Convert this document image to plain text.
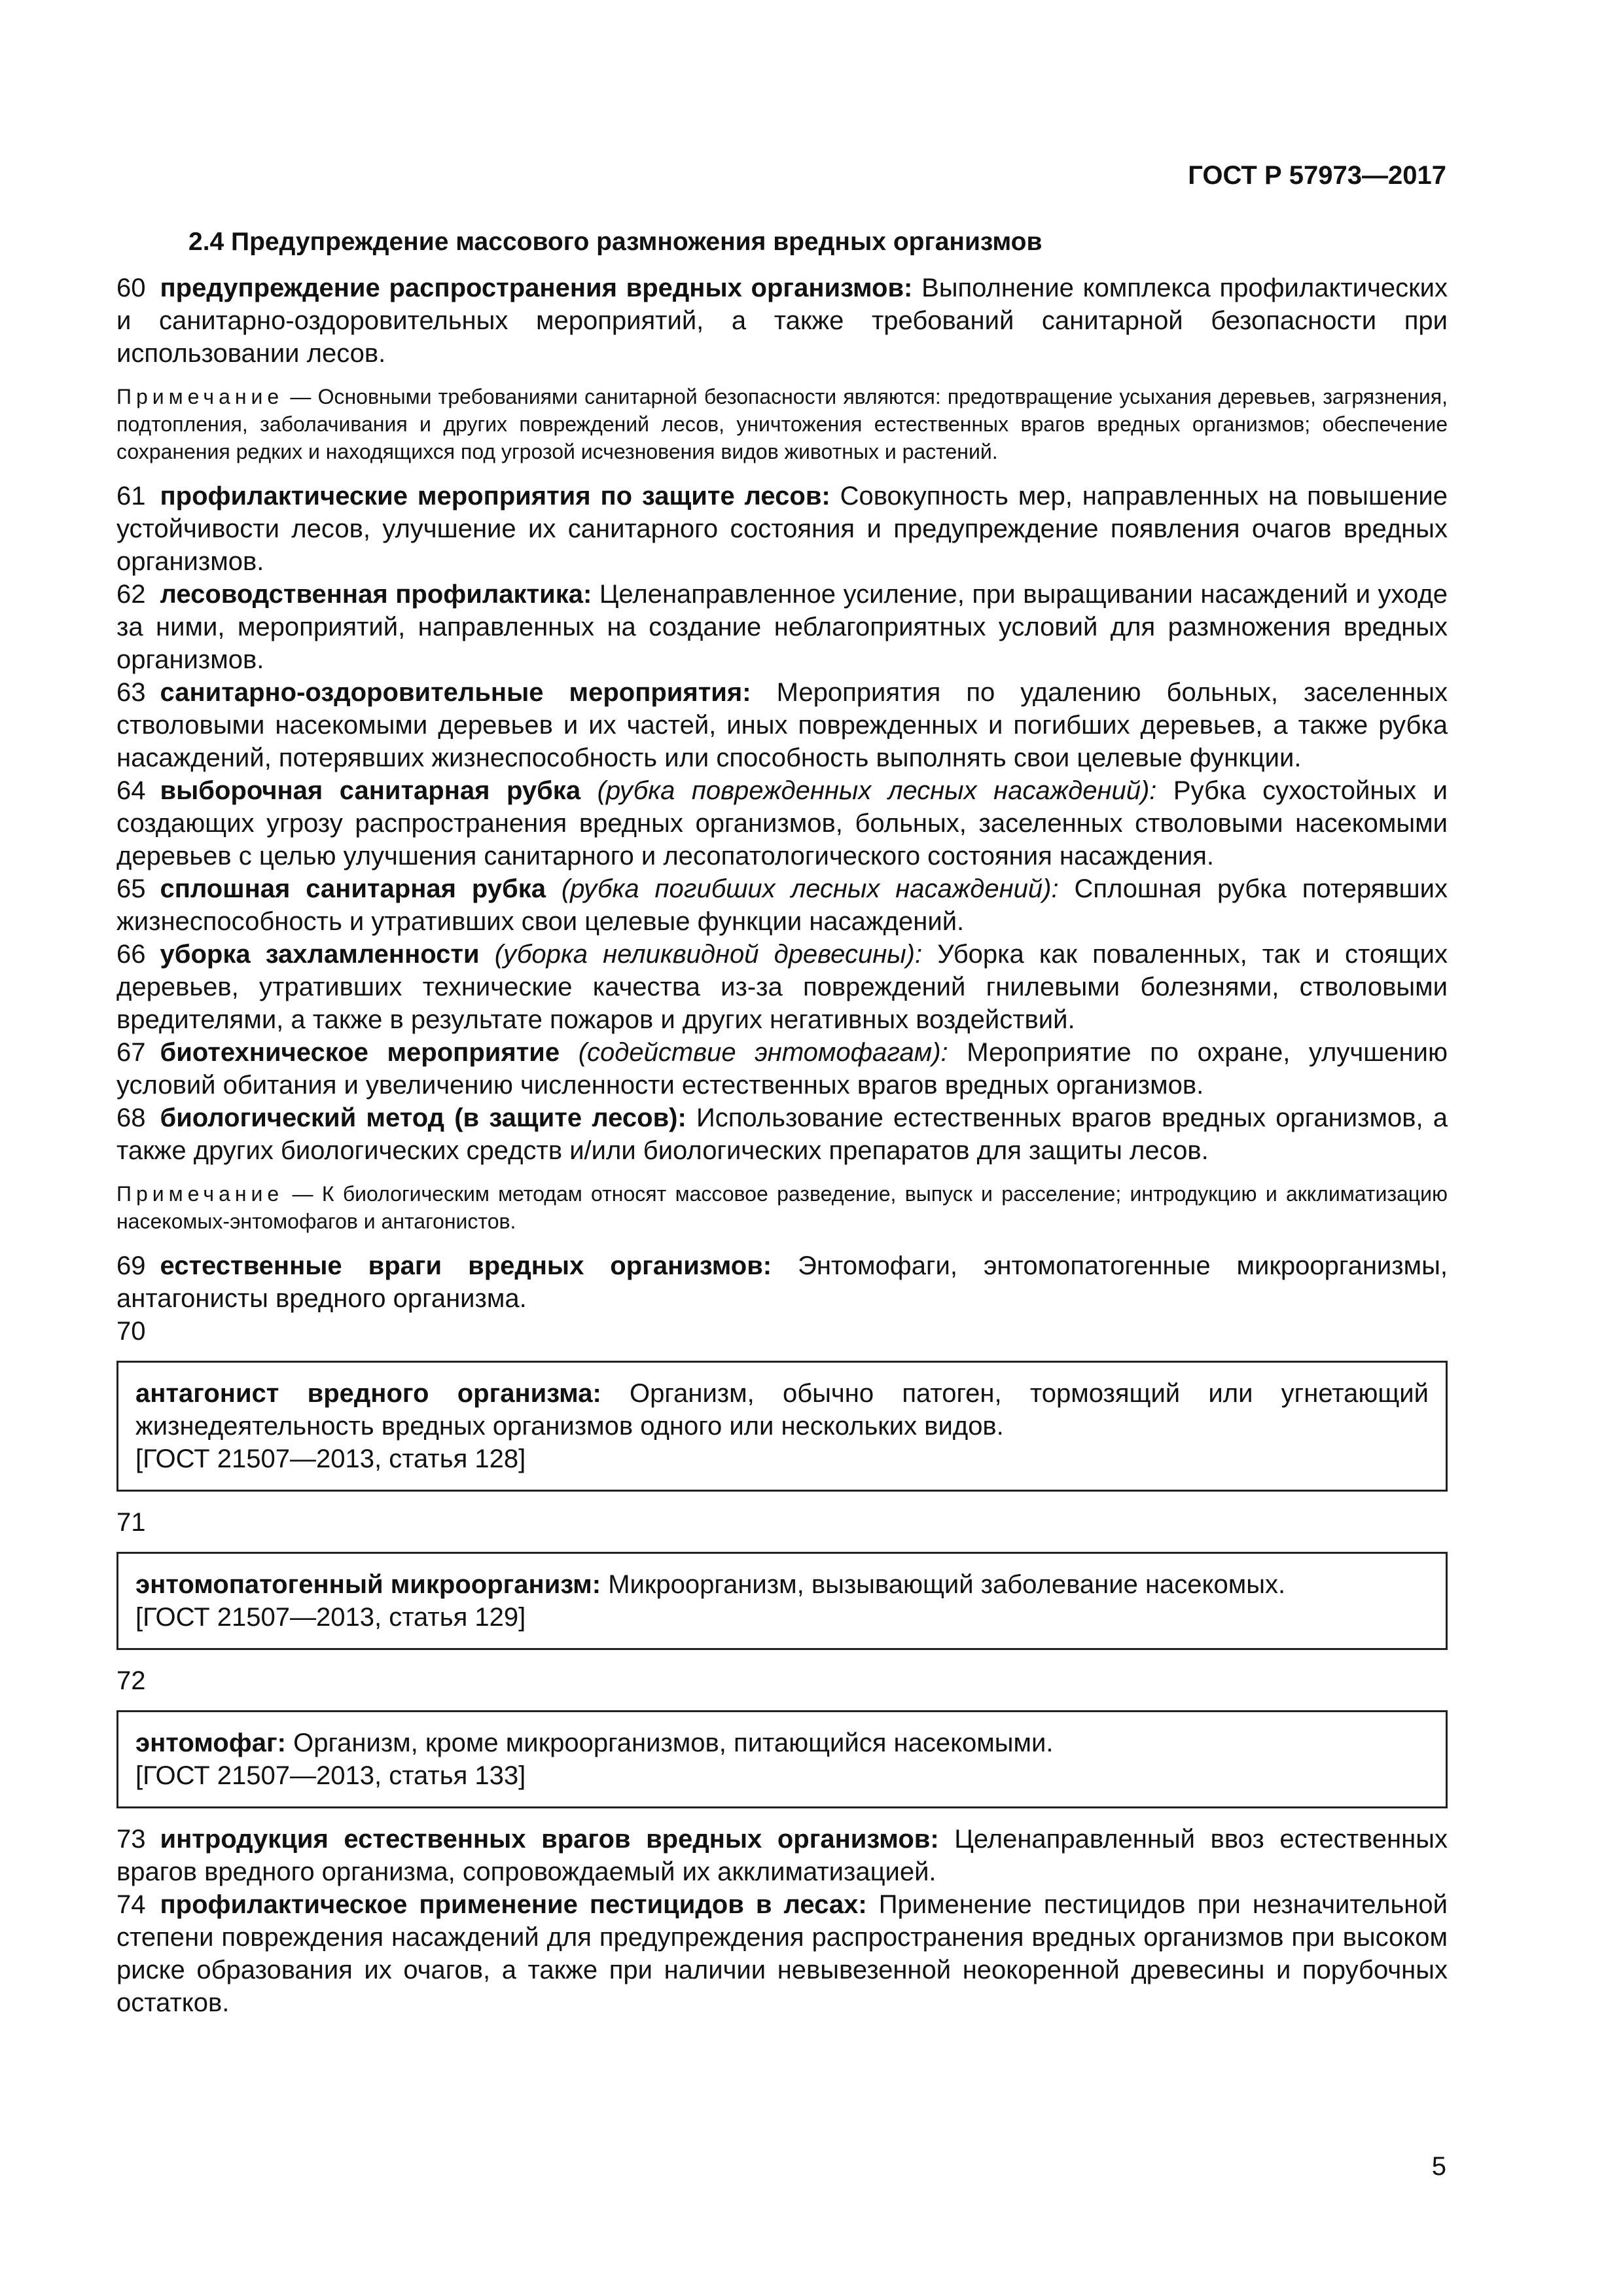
ГОСТ Р 57973—2017
2.4 Предупреждение массового размножения вредных организмов

60 предупреждение распространения вредных организмов: Выполнение комплекса профилактических и санитарно-оздоровительных мероприятий, а также требований санитарной безопасности при использовании лесов.

Примечание — Основными требованиями санитарной безопасности являются: предотвращение усыхания деревьев, загрязнения, подтопления, заболачивания и других повреждений лесов, уничтожения естественных врагов вредных организмов; обеспечение сохранения редких и находящихся под угрозой исчезновения видов животных и растений.

61 профилактические мероприятия по защите лесов: Совокупность мер, направленных на повышение устойчивости лесов, улучшение их санитарного состояния и предупреждение появления очагов вредных организмов.

62 лесоводственная профилактика: Целенаправленное усиление, при выращивании насаждений и уходе за ними, мероприятий, направленных на создание неблагоприятных условий для размножения вредных организмов.

63 санитарно-оздоровительные мероприятия: Мероприятия по удалению больных, заселенных стволовыми насекомыми деревьев и их частей, иных поврежденных и погибших деревьев, а также рубка насаждений, потерявших жизнеспособность или способность выполнять свои целевые функции.

64 выборочная санитарная рубка (рубка поврежденных лесных насаждений): Рубка сухостойных и создающих угрозу распространения вредных организмов, больных, заселенных стволовыми насекомыми деревьев с целью улучшения санитарного и лесопатологического состояния насаждения.

65 сплошная санитарная рубка (рубка погибших лесных насаждений): Сплошная рубка потерявших жизнеспособность и утративших свои целевые функции насаждений.

66 уборка захламленности (уборка неликвидной древесины): Уборка как поваленных, так и стоящих деревьев, утративших технические качества из-за повреждений гнилевыми болезнями, стволовыми вредителями, а также в результате пожаров и других негативных воздействий.

67 биотехническое мероприятие (содействие энтомофагам): Мероприятие по охране, улучшению условий обитания и увеличению численности естественных врагов вредных организмов.

68 биологический метод (в защите лесов): Использование естественных врагов вредных организмов, а также других биологических средств и/или биологических препаратов для защиты лесов.

Примечание — К биологическим методам относят массовое разведение, выпуск и расселение; интродукцию и акклиматизацию насекомых-энтомофагов и антагонистов.

69 естественные враги вредных организмов: Энтомофаги, энтомопатогенные микроорганизмы, антагонисты вредного организма.

70

антагонист вредного организма: Организм, обычно патоген, тормозящий или угнетающий жизнедеятельность вредных организмов одного или нескольких видов.
[ГОСТ 21507—2013, статья 128]

71

энтомопатогенный микроорганизм: Микроорганизм, вызывающий заболевание насекомых.
[ГОСТ 21507—2013, статья 129]

72

энтомофаг: Организм, кроме микроорганизмов, питающийся насекомыми.
[ГОСТ 21507—2013, статья 133]

73 интродукция естественных врагов вредных организмов: Целенаправленный ввоз естественных врагов вредного организма, сопровождаемый их акклиматизацией.

74 профилактическое применение пестицидов в лесах: Применение пестицидов при незначительной степени повреждения насаждений для предупреждения распространения вредных организмов при высоком риске образования их очагов, а также при наличии невывезенной неокоренной древесины и порубочных остатков.

5
